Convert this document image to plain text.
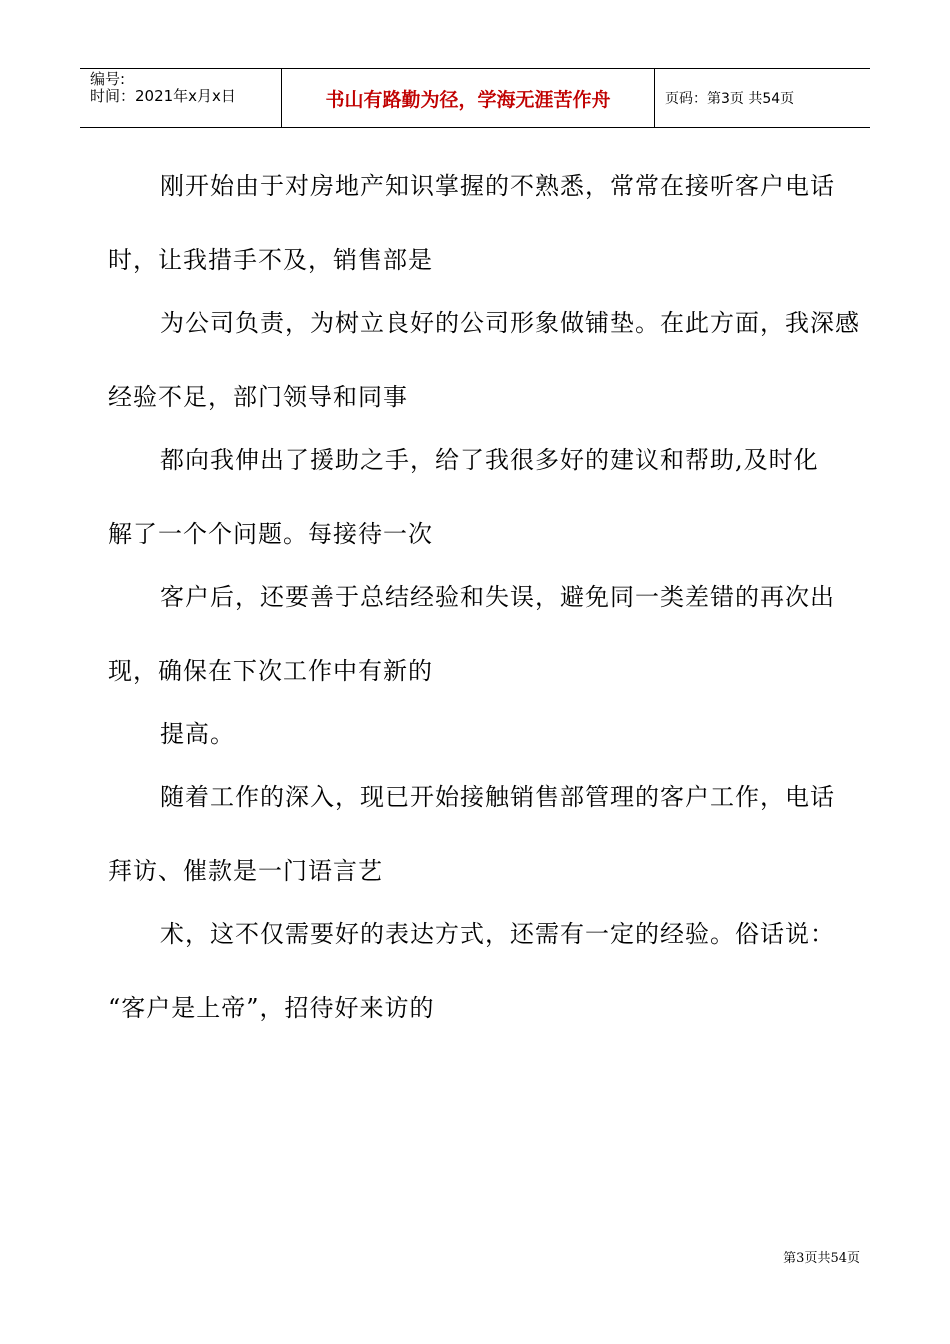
编号:
时间：2021年x月x日	书山有路勤为径，学海无涯苦作舟	页码：第3页 共54页
刚开始由于对房地产知识掌握的不熟悉，常常在接听客户电话
时，让我措手不及，销售部是
为公司负责，为树立良好的公司形象做铺垫。在此方面，我深感
经验不足，部门领导和同事
都向我伸出了援助之手，给了我很多好的建议和帮助,及时化
解了一个个问题。每接待一次
客户后，还要善于总结经验和失误，避免同一类差错的再次出
现，确保在下次工作中有新的
提高。
随着工作的深入，现已开始接触销售部管理的客户工作，电话
拜访、催款是一门语言艺
术，这不仅需要好的表达方式，还需有一定的经验。俗话说：
“客户是上帝”，招待好来访的
第3页共54页
